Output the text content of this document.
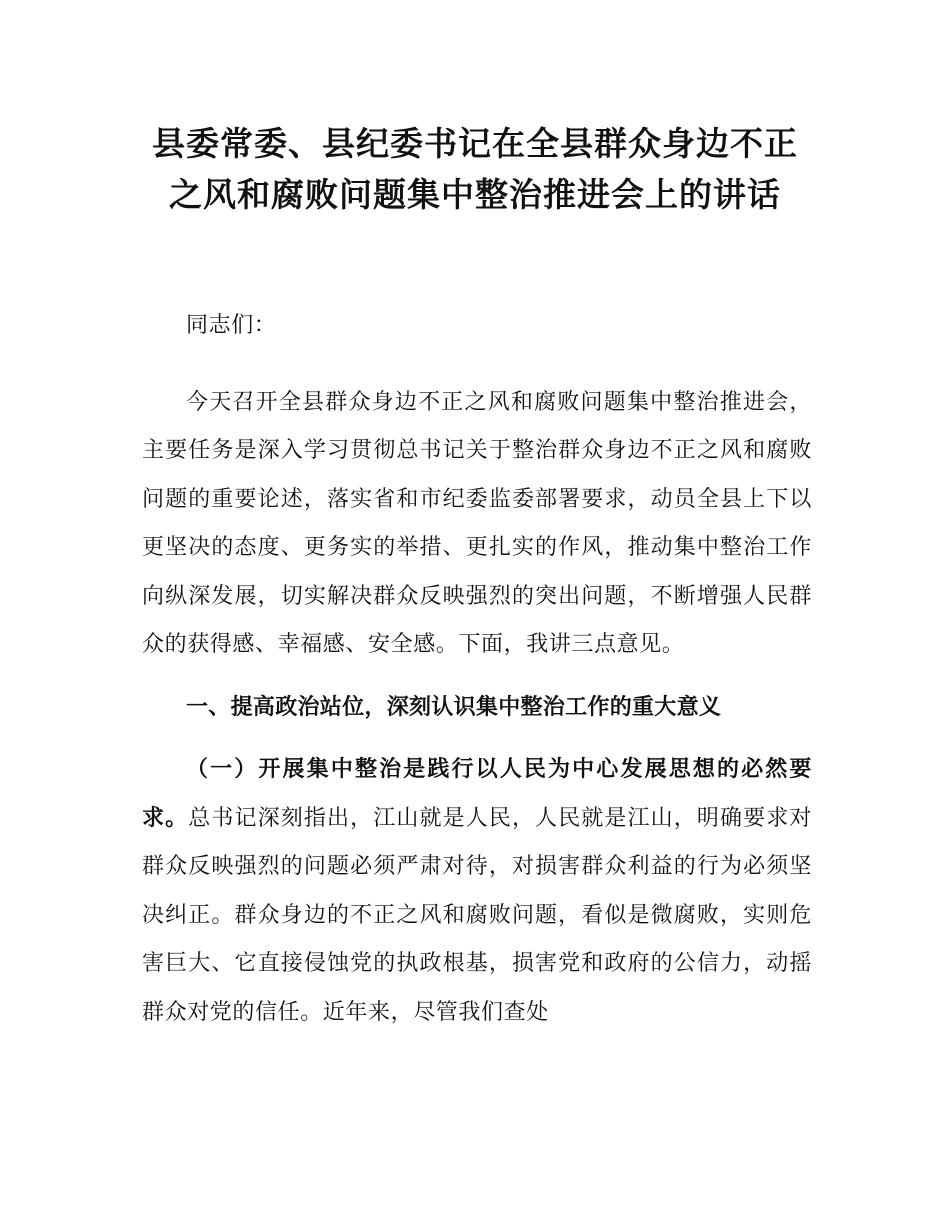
县委常委、县纪委书记在全县群众身边不正
之风和腐败问题集中整治推进会上的讲话

同志们：

今天召开全县群众身边不正之风和腐败问题集中整治推进会，主要任务是深入学习贯彻总书记关于整治群众身边不正之风和腐败问题的重要论述，落实省和市纪委监委部署要求，动员全县上下以更坚决的态度、更务实的举措、更扎实的作风，推动集中整治工作向纵深发展，切实解决群众反映强烈的突出问题，不断增强人民群众的获得感、幸福感、安全感。下面，我讲三点意见。

一、提高政治站位，深刻认识集中整治工作的重大意义

（一）开展集中整治是践行以人民为中心发展思想的必然要求。总书记深刻指出，江山就是人民，人民就是江山，明确要求对群众反映强烈的问题必须严肃对待，对损害群众利益的行为必须坚决纠正。群众身边的不正之风和腐败问题，看似是微腐败，实则危害巨大、它直接侵蚀党的执政根基，损害党和政府的公信力，动摇群众对党的信任。近年来，尽管我们查处
